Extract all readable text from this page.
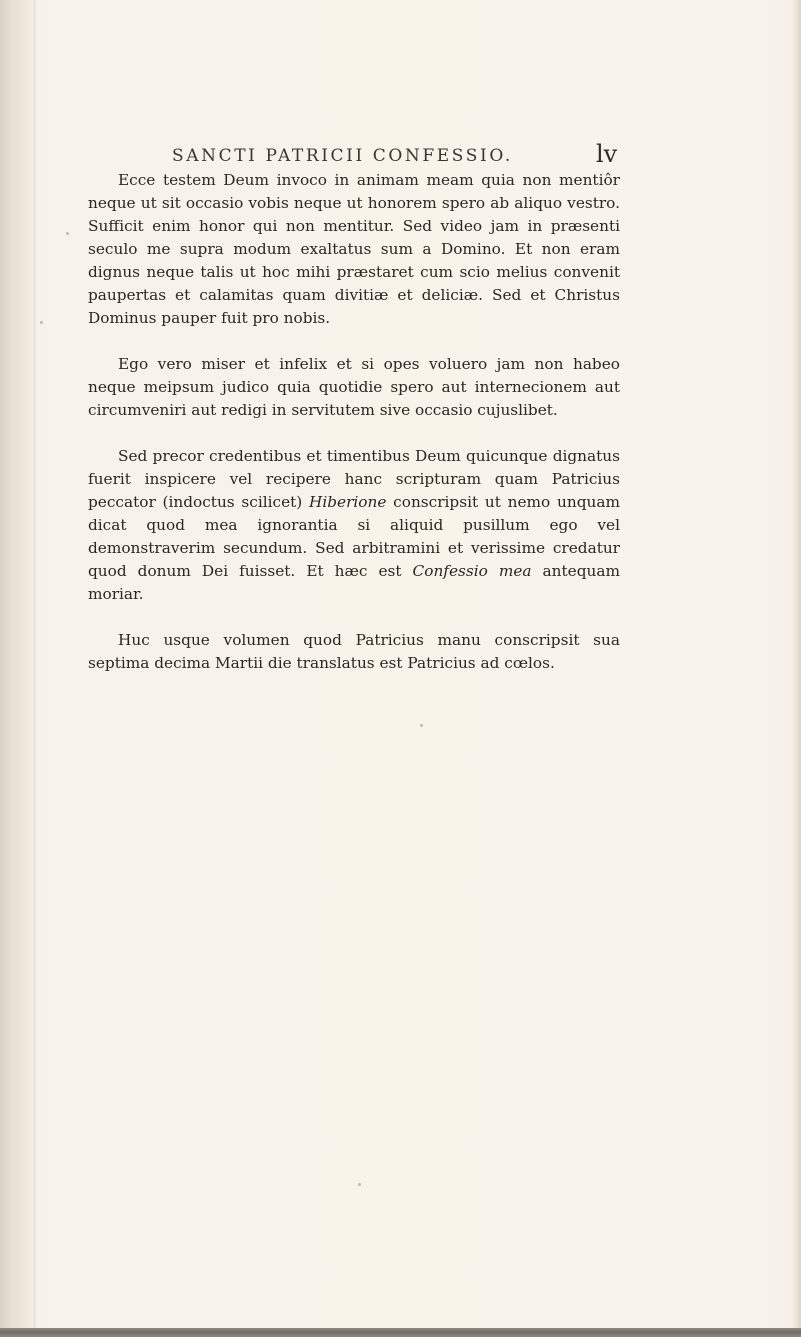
SANCTI PATRICII CONFESSIO.	lv

Ecce testem Deum invoco in animam meam quia non mentiôr neque ut sit occasio vobis neque ut honorem spero ab aliquo vestro. Sufficit enim honor qui non mentitur. Sed video jam in præsenti seculo me supra modum exaltatus sum a Domino. Et non eram dignus neque talis ut hoc mihi præstaret cum scio melius convenit paupertas et calamitas quam divitiæ et deliciæ. Sed et Christus Dominus pauper fuit pro nobis.

Ego vero miser et infelix et si opes voluero jam non habeo neque meipsum judico quia quotidie spero aut internecionem aut circumveniri aut redigi in servitutem sive occasio cujuslibet.

Sed precor credentibus et timentibus Deum quicunque dignatus fuerit inspicere vel recipere hanc scripturam quam Patricius peccator (indoctus scilicet) Hiberione conscripsit ut nemo unquam dicat quod mea ignorantia si aliquid pusillum ego vel demonstraverim secundum. Sed arbitramini et verissime credatur quod donum Dei fuisset. Et hæc est Confessio mea antequam moriar.

Huc usque volumen quod Patricius manu conscripsit sua septima decima Martii die translatus est Patricius ad cœlos.
